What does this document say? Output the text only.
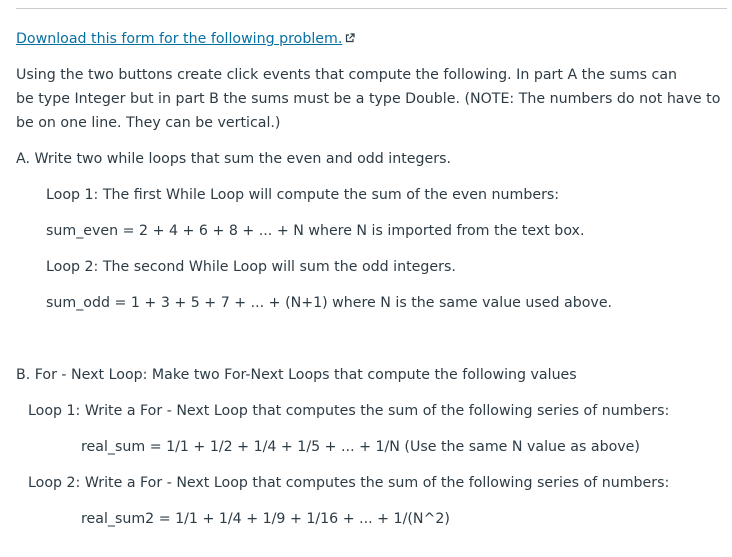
Download this form for the following problem.
Using the two buttons create click events that compute the following. In part A the sums can
be type Integer but in part B the sums must be a type Double. (NOTE: The numbers do not have to
be on one line. They can be vertical.)
A. Write two while loops that sum the even and odd integers.
Loop 1: The first While Loop will compute the sum of the even numbers:
sum_even = 2 + 4 + 6 + 8 + ... + N where N is imported from the text box.
Loop 2: The second While Loop will sum the odd integers.
sum_odd = 1 + 3 + 5 + 7 + ... + (N+1) where N is the same value used above.
B. For - Next Loop: Make two For-Next Loops that compute the following values
Loop 1: Write a For - Next Loop that computes the sum of the following series of numbers:
real_sum = 1/1 + 1/2 + 1/4 + 1/5 + ... + 1/N (Use the same N value as above)
Loop 2: Write a For - Next Loop that computes the sum of the following series of numbers:
real_sum2 = 1/1 + 1/4 + 1/9 + 1/16 + ... + 1/(N^2)
